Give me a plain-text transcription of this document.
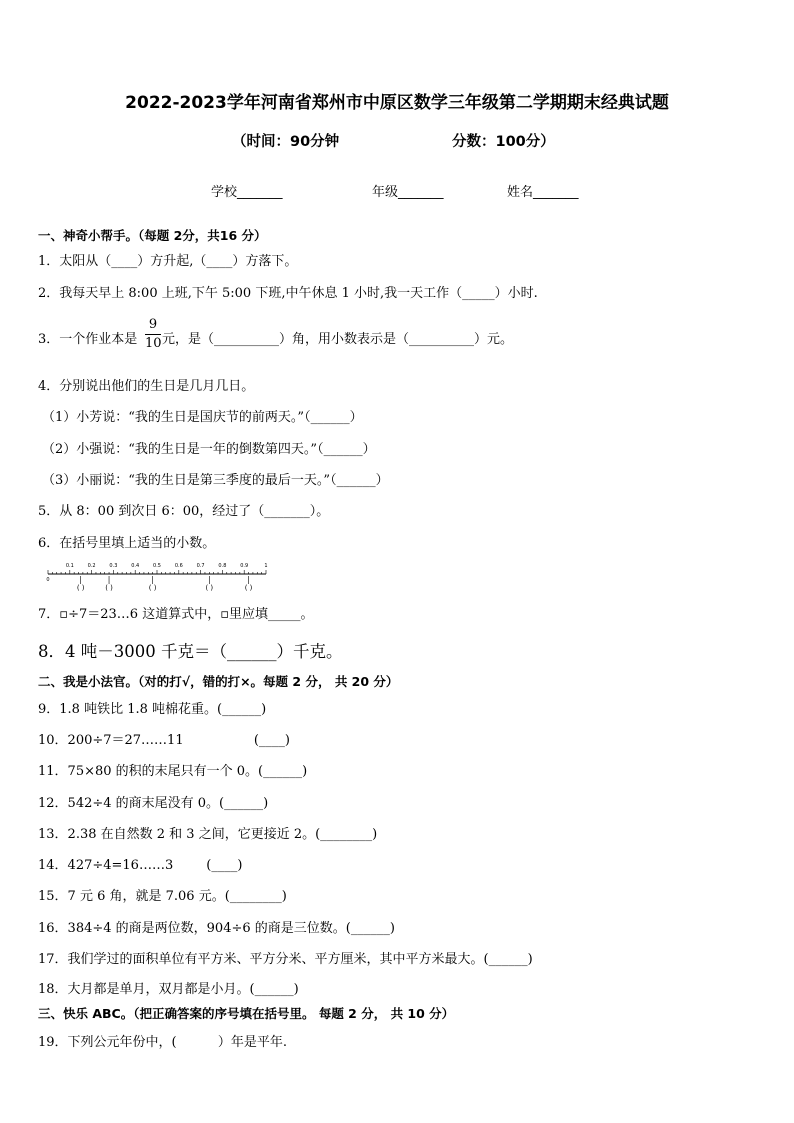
2022-2023学年河南省郑州市中原区数学三年级第二学期期末经典试题
（时间：90分钟	分数：100分）
学校_______	年级_______	姓名_______
一、神奇小帮手。（每题 2分，共16 分）
1．太阳从（____）方升起,（____）方落下。
2．我每天早上 8:00 上班,下午 5:00 下班,中午休息 1 小时,我一天工作（_____）小时.
3．一个作业本是
9
10 元，是（__________）角，用小数表示是（__________）元。
4．分别说出他们的生日是几月几日。
（1）小芳说：“我的生日是国庆节的前两天。”（______）
（2）小强说：“我的生日是一年的倒数第四天。”（______）
（3）小丽说：“我的生日是第三季度的最后一天。”（______）
5．从 8：00 到次日 6：00，经过了（_______）。
6．在括号里填上适当的小数。
0
0.1	0.2	0.3	0.4	0.5	0.6	0.7	0.8	0.9	1
( )	( )	( )	( )	( )
7．▫÷7＝23…6 这道算式中，▫里应填_____。
8．4 吨－3000 千克＝（______）千克。
二、我是小法官。（对的打√，错的打×。每题 2 分， 共 20 分）
9．1.8 吨铁比 1.8 吨棉花重。(______)
10．200÷7＝27……11                 (____)
11．75×80 的积的末尾只有一个 0。(______)
12．542÷4 的商末尾没有 0。(______)
13．2.38 在自然数 2 和 3 之间，它更接近 2。(________)
14．427÷4=16……3        (____)
15．7 元 6 角，就是 7.06 元。(________)
16．384÷4 的商是两位数，904÷6 的商是三位数。(______)
17．我们学过的面积单位有平方米、平方分米、平方厘米，其中平方米最大。(______)
18．大月都是单月，双月都是小月。(______)
三、快乐 ABC。（把正确答案的序号填在括号里。 每题 2 分， 共 10 分）
19．下列公元年份中，(          ）年是平年.
